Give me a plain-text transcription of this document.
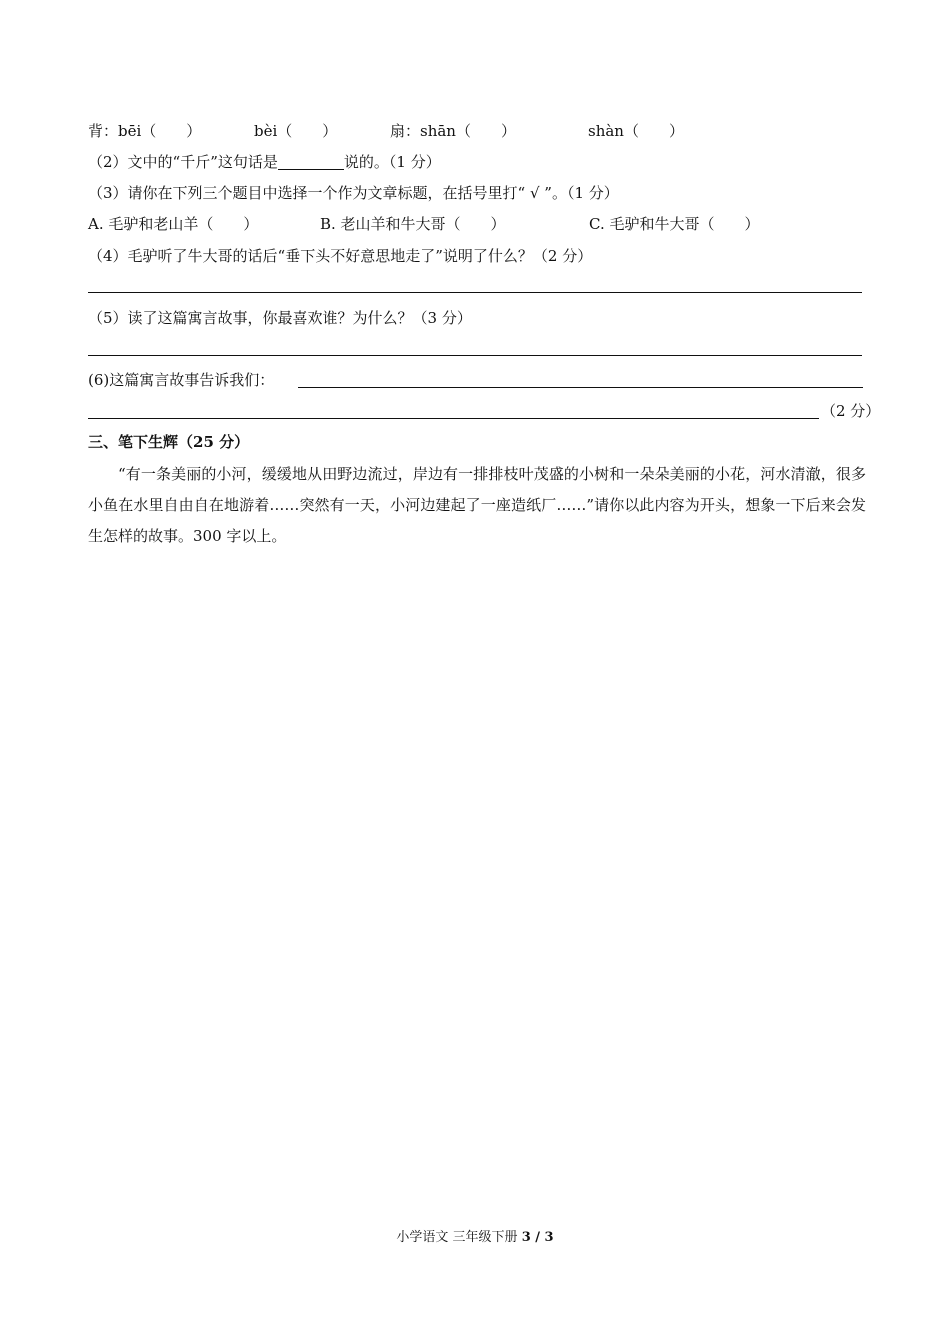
背：bēi（　　）	bèi（　　）	扇：shān（　　）	shàn（　　）
（2）文中的“千斤”这句话是	说的。（1 分）
（3）请你在下列三个题目中选择一个作为文章标题，在括号里打“ √ ”。（1 分）
A. 毛驴和老山羊（　　）	B. 老山羊和牛大哥（　　）	C. 毛驴和牛大哥（　　）
（4）毛驴听了牛大哥的话后“垂下头不好意思地走了”说明了什么？（2 分）
（5）读了这篇寓言故事，你最喜欢谁？为什么？（3 分）
(6)这篇寓言故事告诉我们：
（2 分）
三、笔下生辉（25 分）
“有一条美丽的小河，缓缓地从田野边流过，岸边有一排排枝叶茂盛的小树和一朵朵美丽的小花，河水清澈，很多小鱼在水里自由自在地游着……突然有一天，小河边建起了一座造纸厂……”请你以此内容为开头，想象一下后来会发生怎样的故事。300 字以上。
小学语文 三年级下册 3 / 3
